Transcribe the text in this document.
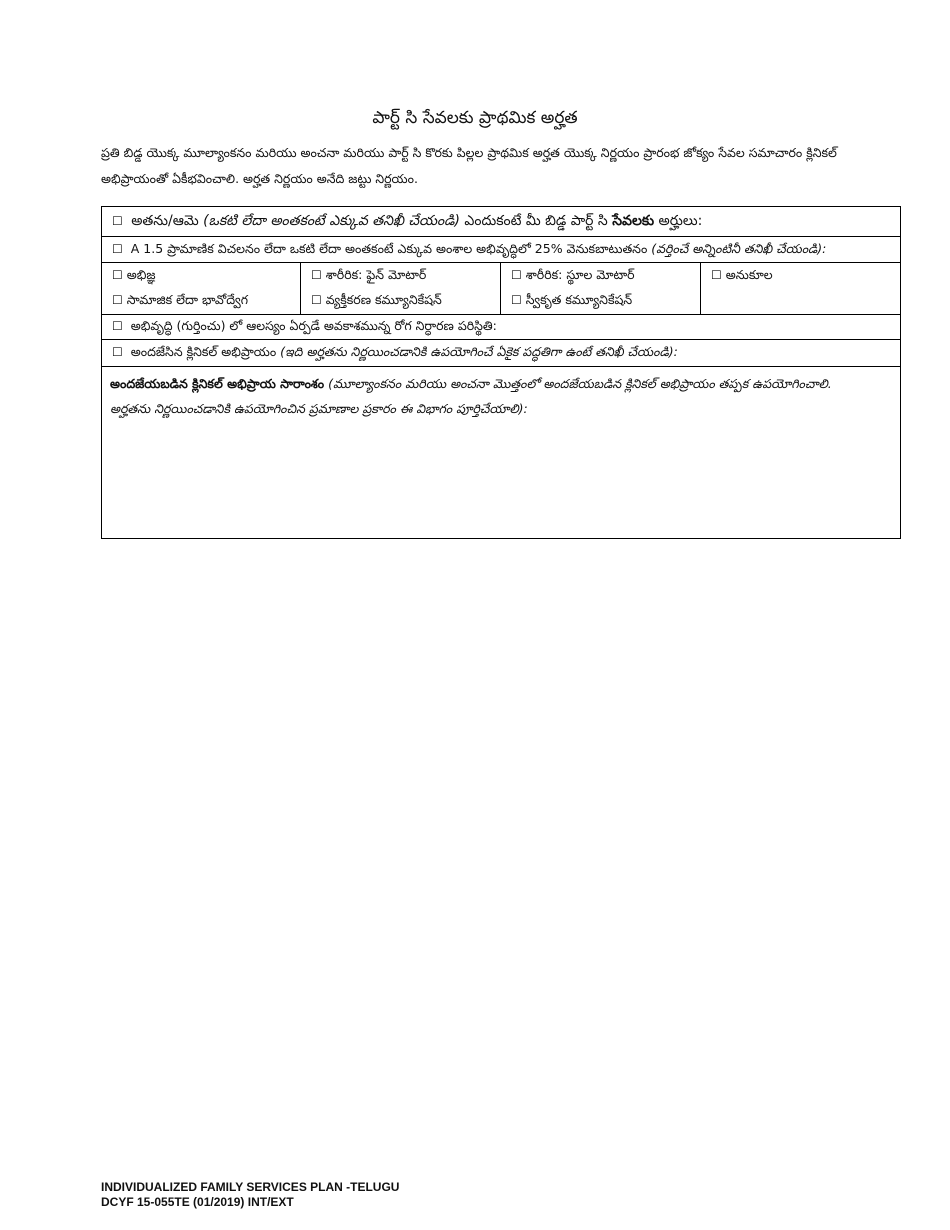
పార్ట్ సి సేవలకు ప్రాథమిక అర్హత
ప్రతి బిడ్డ యొక్క మూల్యాంకనం మరియు అంచనా మరియు పార్ట్ సి కొరకు పిల్లల ప్రాథమిక అర్హత యొక్క నిర్ణయం ప్రారంభ జోక్యం సేవల సమాచారం క్లినికల్
అభిప్రాయంతో ఏకీభవించాలి. అర్హత నిర్ణయం అనేది జట్టు నిర్ణయం.
☐ అతను/ఆమె (ఒకటి లేదా అంతకంటే ఎక్కువ తనిఖీ చేయండి) ఎందుకంటే మీ బిడ్డ పార్ట్ సి సేవలకు అర్హులు:
☐ A 1.5 ప్రామాణిక విచలనం లేదా ఒకటి లేదా అంతకంటే ఎక్కువ అంశాల అభివృద్ధిలో 25% వెనుకబాటుతనం (వర్తించే అన్నింటినీ తనిఖీ చేయండి):
☐ అభిజ్ఞ
☐ సామాజిక లేదా భావోద్వేగ
☐ శారీరిక: ఫైన్ మోటార్
☐ వ్యక్తీకరణ కమ్యూనికేషన్
☐ శారీరిక: స్థూల మోటార్
☐ స్వీకృత కమ్యూనికేషన్
☐ అనుకూల
☐ అభివృద్ధి (గుర్తించు) లో ఆలస్యం ఏర్పడే అవకాశమున్న రోగ నిర్ధారణ పరిస్థితి:
☐ అందజేసిన క్లినికల్ అభిప్రాయం (ఇది అర్హతను నిర్ణయించడానికి ఉపయోగించే ఏకైక పద్ధతిగా ఉంటే తనిఖీ చేయండి):
అందజేయబడిన క్లినికల్ అభిప్రాయ సారాంశం (మూల్యాంకనం మరియు అంచనా మొత్తంలో అందజేయబడిన క్లినికల్ అభిప్రాయం తప్పక ఉపయోగించాలి.
అర్హతను నిర్ణయించడానికి ఉపయోగించిన ప్రమాణాల ప్రకారం ఈ విభాగం పూర్తిచేయాలి):
INDIVIDUALIZED FAMILY SERVICES PLAN -TELUGU
DCYF 15-055TE (01/2019) INT/EXT
